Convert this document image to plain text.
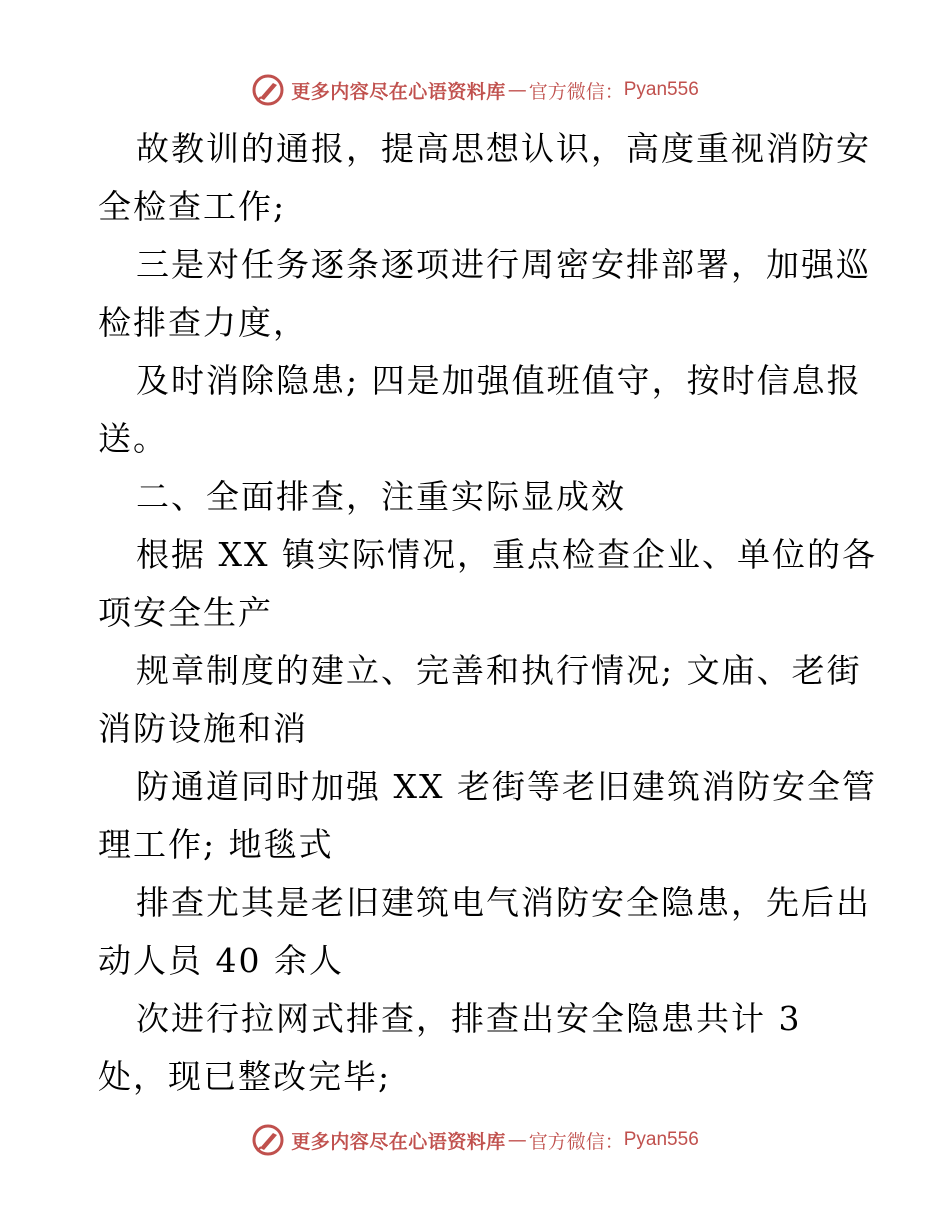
更多内容尽在心语资料库 — 官方微信： Pyan556

故教训的通报，提高思想认识，高度重视消防安
全检查工作;

三是对任务逐条逐项进行周密安排部署，加强巡
检排查力度，

及时消除隐患; 四是加强值班值守，按时信息报
送。

二、全面排查，注重实际显成效

根据 XX 镇实际情况，重点检查企业、单位的各
项安全生产

规章制度的建立、完善和执行情况; 文庙、老街
消防设施和消

防通道同时加强 XX 老街等老旧建筑消防安全管
理工作; 地毯式

排查尤其是老旧建筑电气消防安全隐患，先后出
动人员 40 余人

次进行拉网式排查，排查出安全隐患共计 3
处，现已整改完毕;

更多内容尽在心语资料库 — 官方微信： Pyan556
